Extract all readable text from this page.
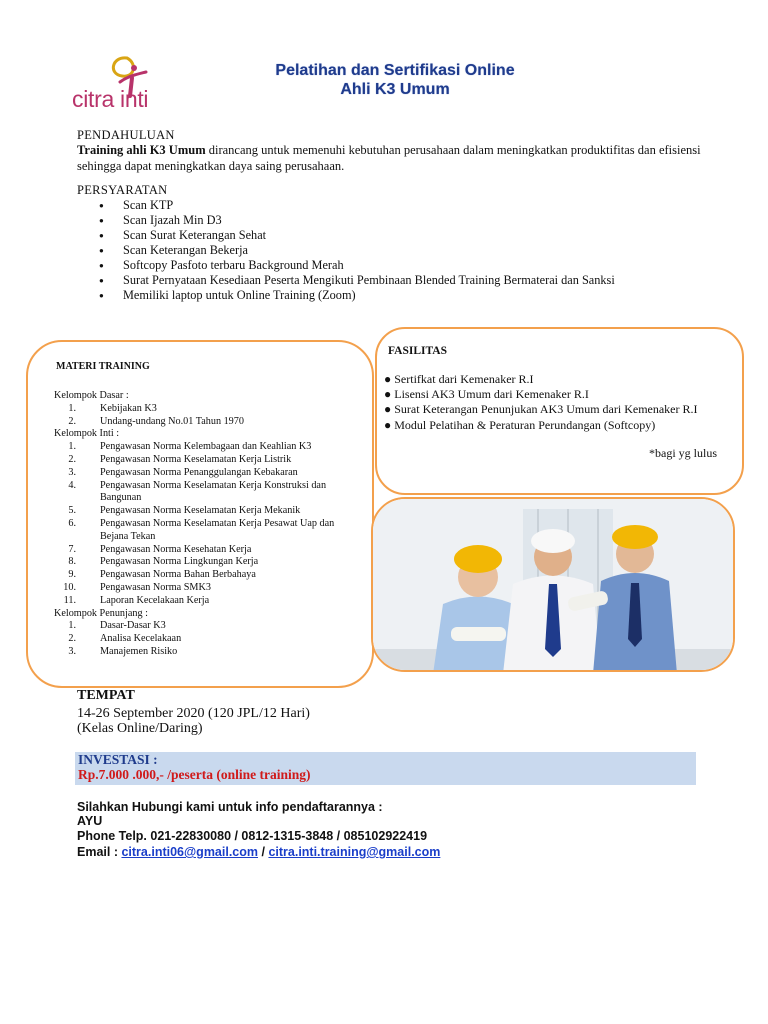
citra inti
Pelatihan dan Sertifikasi Online
Ahli K3 Umum
PENDAHULUAN
Training ahli K3 Umum dirancang untuk memenuhi kebutuhan perusahaan dalam meningkatkan produktifitas dan efisiensi sehingga dapat meningkatkan daya saing perusahaan.
PERSYARATAN
● Scan KTP
● Scan Ijazah Min D3
● Scan Surat Keterangan Sehat
● Scan Keterangan Bekerja
● Softcopy Pasfoto terbaru Background Merah
● Surat Pernyataan Kesediaan Peserta Mengikuti Pembinaan Blended Training Bermaterai dan Sanksi
● Memiliki laptop untuk Online Training (Zoom)
MATERI TRAINING
Kelompok Dasar :
1. Kebijakan K3
2. Undang-undang No.01 Tahun 1970
Kelompok Inti :
1. Pengawasan Norma Kelembagaan dan Keahlian K3
2. Pengawasan Norma Keselamatan Kerja Listrik
3. Pengawasan Norma Penanggulangan Kebakaran
4. Pengawasan Norma Keselamatan Kerja Konstruksi dan Bangunan
5. Pengawasan Norma Keselamatan Kerja Mekanik
6. Pengawasan Norma Keselamatan Kerja Pesawat Uap dan Bejana Tekan
7. Pengawasan Norma Kesehatan Kerja
8. Pengawasan Norma Lingkungan Kerja
9. Pengawasan Norma Bahan Berbahaya
10. Pengawasan Norma SMK3
11. Laporan Kecelakaan Kerja
Kelompok Penunjang :
1. Dasar-Dasar K3
2. Analisa Kecelakaan
3. Manajemen Risiko
FASILITAS
● Sertifkat dari Kemenaker R.I
● Lisensi AK3 Umum dari Kemenaker R.I
● Surat Keterangan Penunjukan AK3 Umum dari Kemenaker R.I
● Modul Pelatihan & Peraturan Perundangan (Softcopy)
*bagi yg lulus
TEMPAT
14-26 September 2020 (120 JPL/12 Hari)
(Kelas Online/Daring)
INVESTASI :
Rp.7.000 .000,- /peserta (online training)
Silahkan Hubungi kami untuk info pendaftarannya :
AYU
Phone Telp. 021-22830080 / 0812-1315-3848 / 085102922419
Email : citra.inti06@gmail.com / citra.inti.training@gmail.com
